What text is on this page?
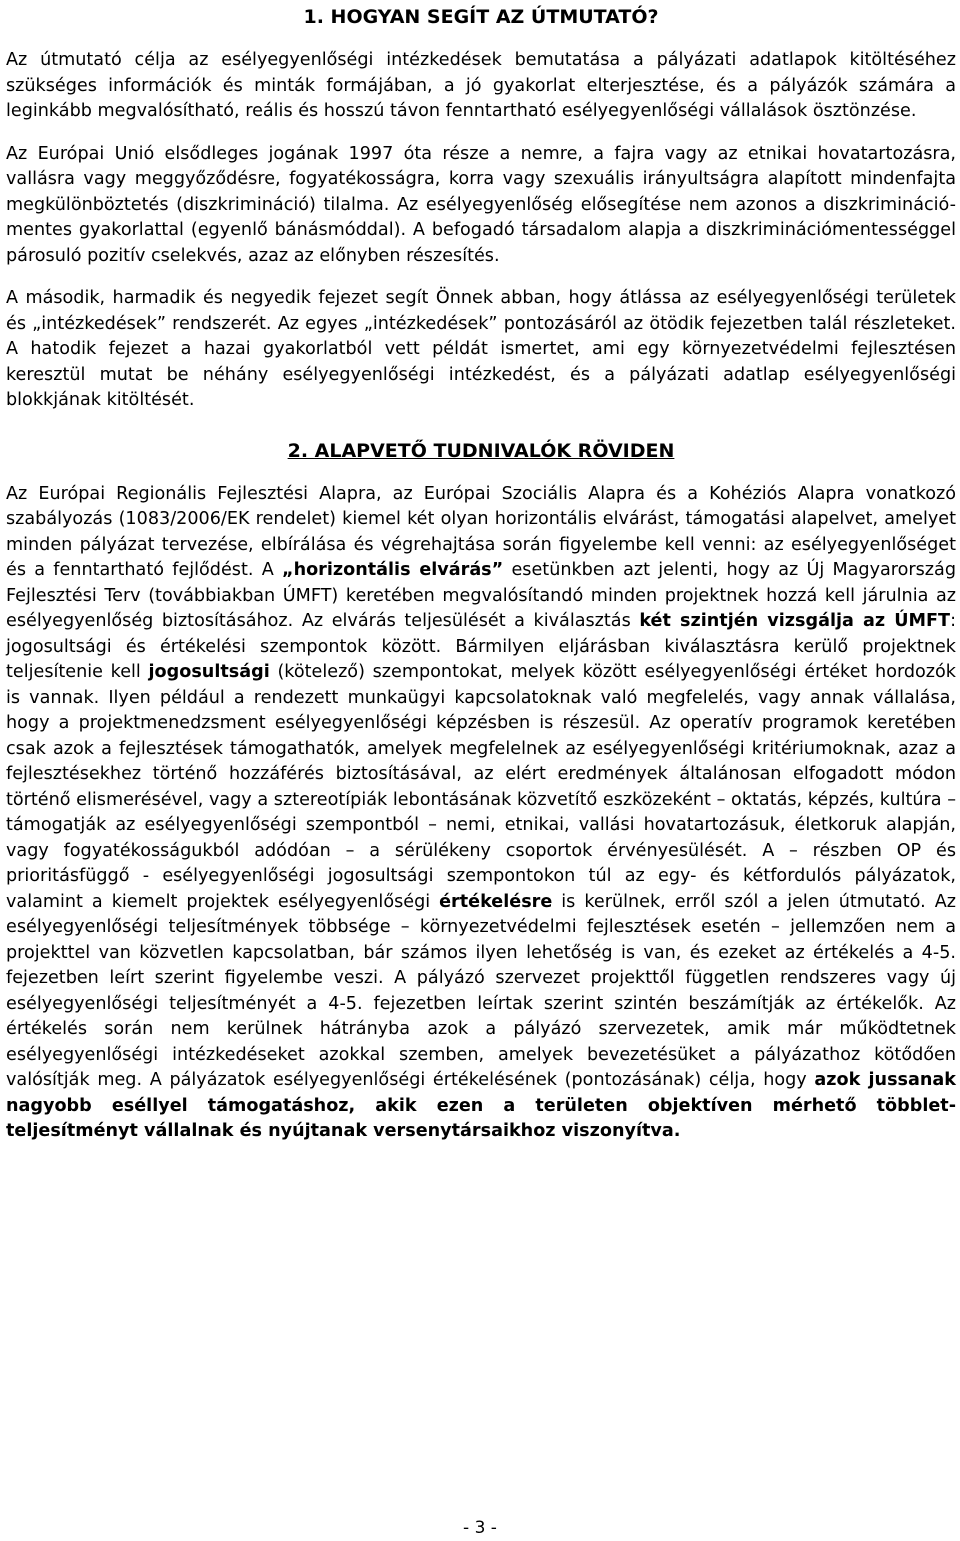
1. HOGYAN SEGÍT AZ ÚTMUTATÓ?

Az útmutató célja az esélyegyenlőségi intézkedések bemutatása a pályázati adatlapok kitöltéséhez szükséges információk és minták formájában, a jó gyakorlat elterjesztése, és a pályázók számára a leginkább megvalósítható, reális és hosszú távon fenntartható esélyegyenlőségi vállalások ösztönzése.

Az Európai Unió elsődleges jogának 1997 óta része a nemre, a fajra vagy az etnikai hovatartozásra, vallásra vagy meggyőződésre, fogyatékosságra, korra vagy szexuális irányultságra alapított mindenfajta megkülönböztetés (diszkrimináció) tilalma. Az esélyegyenlőség elősegítése nem azonos a diszkrimináció-mentes gyakorlattal (egyenlő bánásmóddal). A befogadó társadalom alapja a diszkriminációmentességgel párosuló pozitív cselekvés, azaz az előnyben részesítés.

A második, harmadik és negyedik fejezet segít Önnek abban, hogy átlássa az esélyegyenlőségi területek és „intézkedések” rendszerét. Az egyes „intézkedések” pontozásáról az ötödik fejezetben talál részleteket. A hatodik fejezet a hazai gyakorlatból vett példát ismertet, ami egy környezetvédelmi fejlesztésen keresztül mutat be néhány esélyegyenlőségi intézkedést, és a pályázati adatlap esélyegyenlőségi blokkjának kitöltését.

2. ALAPVETŐ TUDNIVALÓK RÖVIDEN

Az Európai Regionális Fejlesztési Alapra, az Európai Szociális Alapra és a Kohéziós Alapra vonatkozó szabályozás (1083/2006/EK rendelet) kiemel két olyan horizontális elvárást, támogatási alapelvet, amelyet minden pályázat tervezése, elbírálása és végrehajtása során figyelembe kell venni: az esélyegyenlőséget és a fenntartható fejlődést. A „horizontális elvárás” esetünkben azt jelenti, hogy az Új Magyarország Fejlesztési Terv (továbbiakban ÚMFT) keretében megvalósítandó minden projektnek hozzá kell járulnia az esélyegyenlőség biztosításához. Az elvárás teljesülését a kiválasztás két szintjén vizsgálja az ÚMFT: jogosultsági és értékelési szempontok között. Bármilyen eljárásban kiválasztásra kerülő projektnek teljesítenie kell jogosultsági (kötelező) szempontokat, melyek között esélyegyenlőségi értéket hordozók is vannak. Ilyen például a rendezett munkaügyi kapcsolatoknak való megfelelés, vagy annak vállalása, hogy a projektmenedzsment esélyegyenlőségi képzésben is részesül. Az operatív programok keretében csak azok a fejlesztések támogathatók, amelyek megfelelnek az esélyegyenlőségi kritériumoknak, azaz a fejlesztésekhez történő hozzáférés biztosításával, az elért eredmények általánosan elfogadott módon történő elismerésével, vagy a sztereotípiák lebontásának közvetítő eszközeként – oktatás, képzés, kultúra – támogatják az esélyegyenlőségi szempontból – nemi, etnikai, vallási hovatartozásuk, életkoruk alapján, vagy fogyatékosságukból adódóan – a sérülékeny csoportok érvényesülését. A – részben OP és prioritásfüggő - esélyegyenlőségi jogosultsági szempontokon túl az egy- és kétfordulós pályázatok, valamint a kiemelt projektek esélyegyenlőségi értékelésre is kerülnek, erről szól a jelen útmutató. Az esélyegyenlőségi teljesítmények többsége – környezetvédelmi fejlesztések esetén – jellemzően nem a projekttel van közvetlen kapcsolatban, bár számos ilyen lehetőség is van, és ezeket az értékelés a 4-5. fejezetben leírt szerint figyelembe veszi. A pályázó szervezet projekttől független rendszeres vagy új esélyegyenlőségi teljesítményét a 4-5. fejezetben leírtak szerint szintén beszámítják az értékelők. Az értékelés során nem kerülnek hátrányba azok a pályázó szervezetek, amik már működtetnek esélyegyenlőségi intézkedéseket azokkal szemben, amelyek bevezetésüket a pályázathoz kötődően valósítják meg. A pályázatok esélyegyenlőségi értékelésének (pontozásának) célja, hogy azok jussanak nagyobb eséllyel támogatáshoz, akik ezen a területen objektíven mérhető többlet-teljesítményt vállalnak és nyújtanak versenytársaikhoz viszonyítva.

- 3 -
